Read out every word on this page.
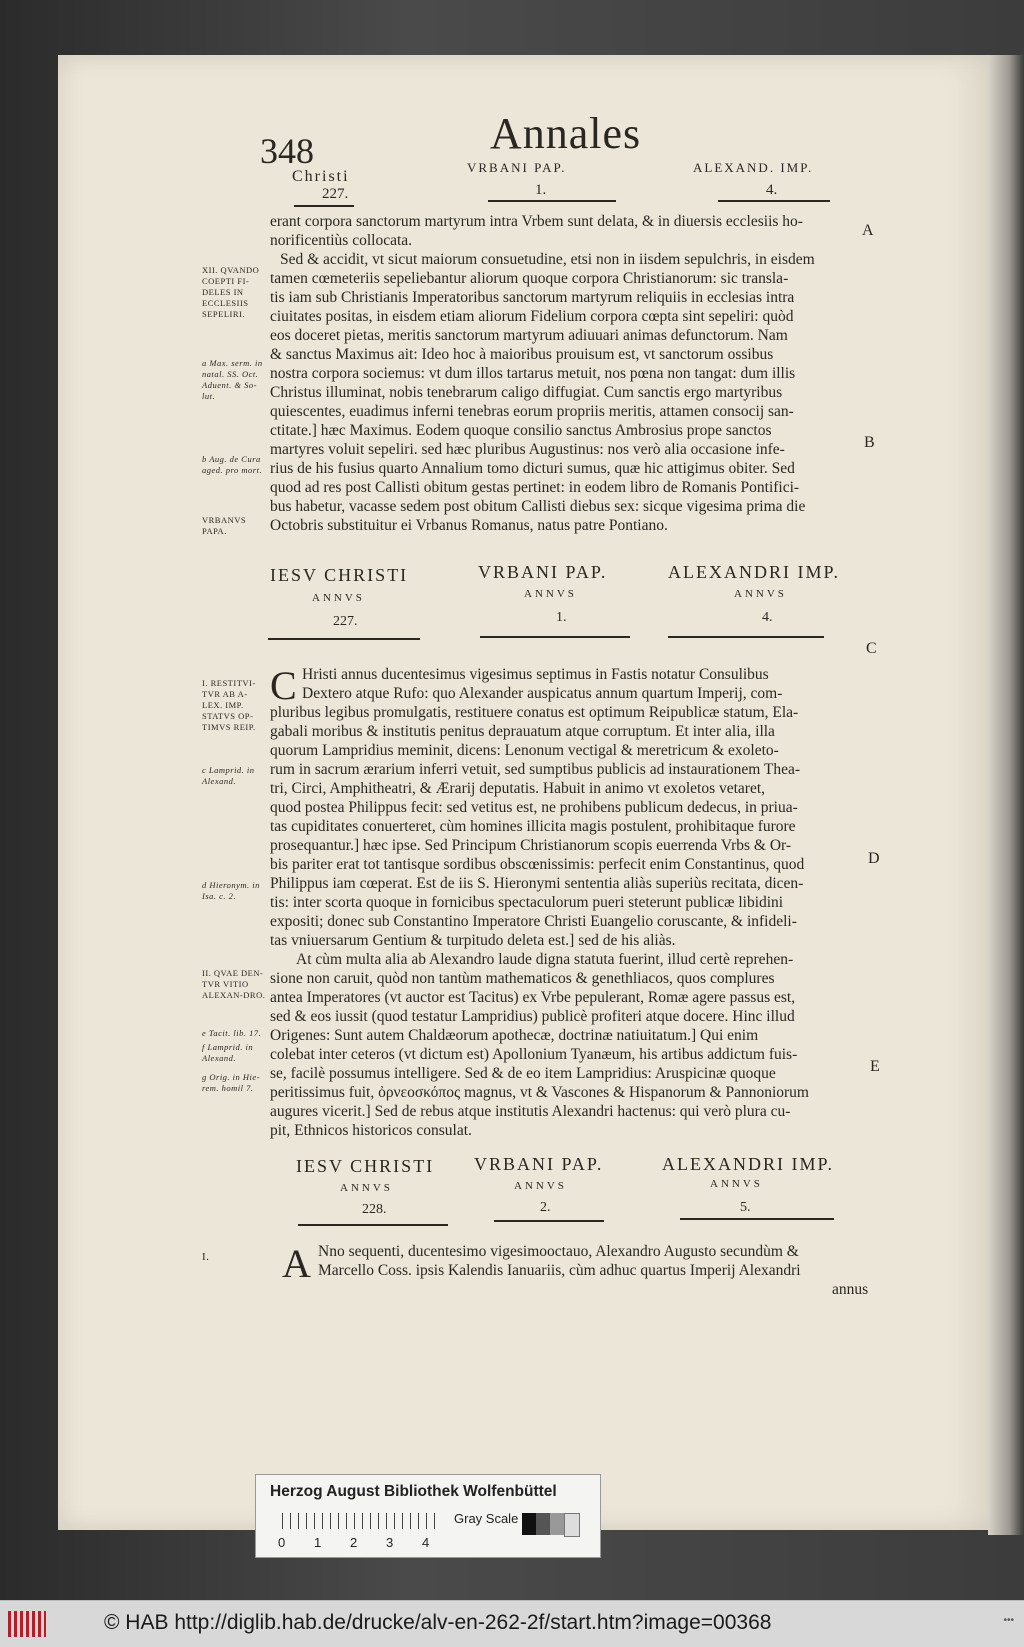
348	Annales
Christi
227.
VRBANI PAP.
1.
ALEXAND. IMP.
4.
erant corpora sanctorum martyrum intra Vrbem sunt delata, & in diuersis ecclesiis ho-
norificentiùs collocata.
Sed & accidit, vt sicut maiorum consuetudine, etsi non in iisdem sepulchris, in eisdem
tamen cœmeteriis sepeliebantur aliorum quoque corpora Christianorum: sic transla-
tis iam sub Christianis Imperatoribus sanctorum martyrum reliquiis in ecclesias intra
ciuitates positas, in eisdem etiam aliorum Fidelium corpora cœpta sint sepeliri: quòd
eos doceret pietas, meritis sanctorum martyrum adiuuari animas defunctorum. Nam
& sanctus Maximus ait: Ideo hoc à maioribus prouisum est, vt sanctorum ossibus
nostra corpora sociemus: vt dum illos tartarus metuit, nos pœna non tangat: dum illis
Christus illuminat, nobis tenebrarum caligo diffugiat. Cum sanctis ergo martyribus
quiescentes, euadimus inferni tenebras eorum propriis meritis, attamen consocij san-
ctitate.] hæc Maximus. Eodem quoque consilio sanctus Ambrosius prope sanctos
martyres voluit sepeliri. sed hæc pluribus Augustinus: nos verò alia occasione infe-
rius de his fusius quarto Annalium tomo dicturi sumus, quæ hic attigimus obiter. Sed
quod ad res post Callisti obitum gestas pertinet: in eodem libro de Romanis Pontifici-
bus habetur, vacasse sedem post obitum Callisti diebus sex: sicque vigesima prima die
Octobris substituitur ei Vrbanus Romanus, natus patre Pontiano.
XII. QVANDO COEPTI FI-DELES IN ECCLESIIS SEPELIRI.
a Max. serm. in natal. SS. Oct. Aduent. & So-lut.
b Aug. de Cura aged. pro mort.
VRBANVS PAPA.
A
B
IESV CHRISTI
ANNVS
227.
VRBANI PAP.
ANNVS
1.
ALEXANDRI IMP.
ANNVS
4.
C
C Hristi annus ducentesimus vigesimus septimus in Fastis notatur Consulibus
Dextero atque Rufo: quo Alexander auspicatus annum quartum Imperij, com-
pluribus legibus promulgatis, restituere conatus est optimum Reipublicæ statum, Ela-
gabali moribus & institutis penitus deprauatum atque corruptum. Et inter alia, illa
quorum Lampridius meminit, dicens: Lenonum vectigal & meretricum & exoleto-
rum in sacrum ærarium inferri vetuit, sed sumptibus publicis ad instaurationem Thea-
tri, Circi, Amphitheatri, & Ærarij deputatis. Habuit in animo vt exoletos vetaret,
quod postea Philippus fecit: sed vetitus est, ne prohibens publicum dedecus, in priua-
tas cupiditates conuerteret, cùm homines illicita magis postulent, prohibitaque furore
prosequantur.] hæc ipse. Sed Principum Christianorum scopis euerrenda Vrbs & Or-
bis pariter erat tot tantisque sordibus obscœnissimis: perfecit enim Constantinus, quod
Philippus iam cœperat. Est de iis S. Hieronymi sententia aliàs superiùs recitata, dicen-
tis: inter scorta quoque in fornicibus spectaculorum pueri steterunt publicæ libidini
expositi; donec sub Constantino Imperatore Christi Euangelio coruscante, & infideli-
tas vniuersarum Gentium & turpitudo deleta est.] sed de his aliàs.
At cùm multa alia ab Alexandro laude digna statuta fuerint, illud certè reprehen-
sione non caruit, quòd non tantùm mathematicos & genethliacos, quos complures
antea Imperatores (vt auctor est Tacitus) ex Vrbe pepulerant, Romæ agere passus est,
sed & eos iussit (quod testatur Lampridius) publicè profiteri atque docere. Hinc illud
Origenes: Sunt autem Chaldæorum apothecæ, doctrinæ natiuitatum.] Qui enim
colebat inter ceteros (vt dictum est) Apollonium Tyanæum, his artibus addictum fuis-
se, facilè possumus intelligere. Sed & de eo item Lampridius: Aruspicinæ quoque
peritissimus fuit, ὀρνεοσκόπος magnus, vt & Vascones & Hispanorum & Pannoniorum
augures vicerit.] Sed de rebus atque institutis Alexandri hactenus: qui verò plura cu-
pit, Ethnicos historicos consulat.
I. RESTITVI-TVR AB A-LEX. IMP. STATVS OP-TIMVS REIP.
c Lamprid. in Alexand.
d Hieronym. in Isa. c. 2.
II. QVAE DEN-TVR VITIO ALEXAN-DRO.
e Tacit. lib. 17.
f Lamprid. in Alexand.
g Orig. in Hie-rem. homil 7.
D
E
IESV CHRISTI
ANNVS
228.
VRBANI PAP.
ANNVS
2.
ALEXANDRI IMP.
ANNVS
5.
I.	A Nno sequenti, ducentesimo vigesimooctauo, Alexandro Augusto secundùm &
Marcello Coss. ipsis Kalendis Ianuariis, cùm adhuc quartus Imperij Alexandri
annus
Herzog August Bibliothek Wolfenbüttel
Gray Scale
0 1 2 3 4
© HAB http://diglib.hab.de/drucke/alv-en-262-2f/start.htm?image=00368	•••
